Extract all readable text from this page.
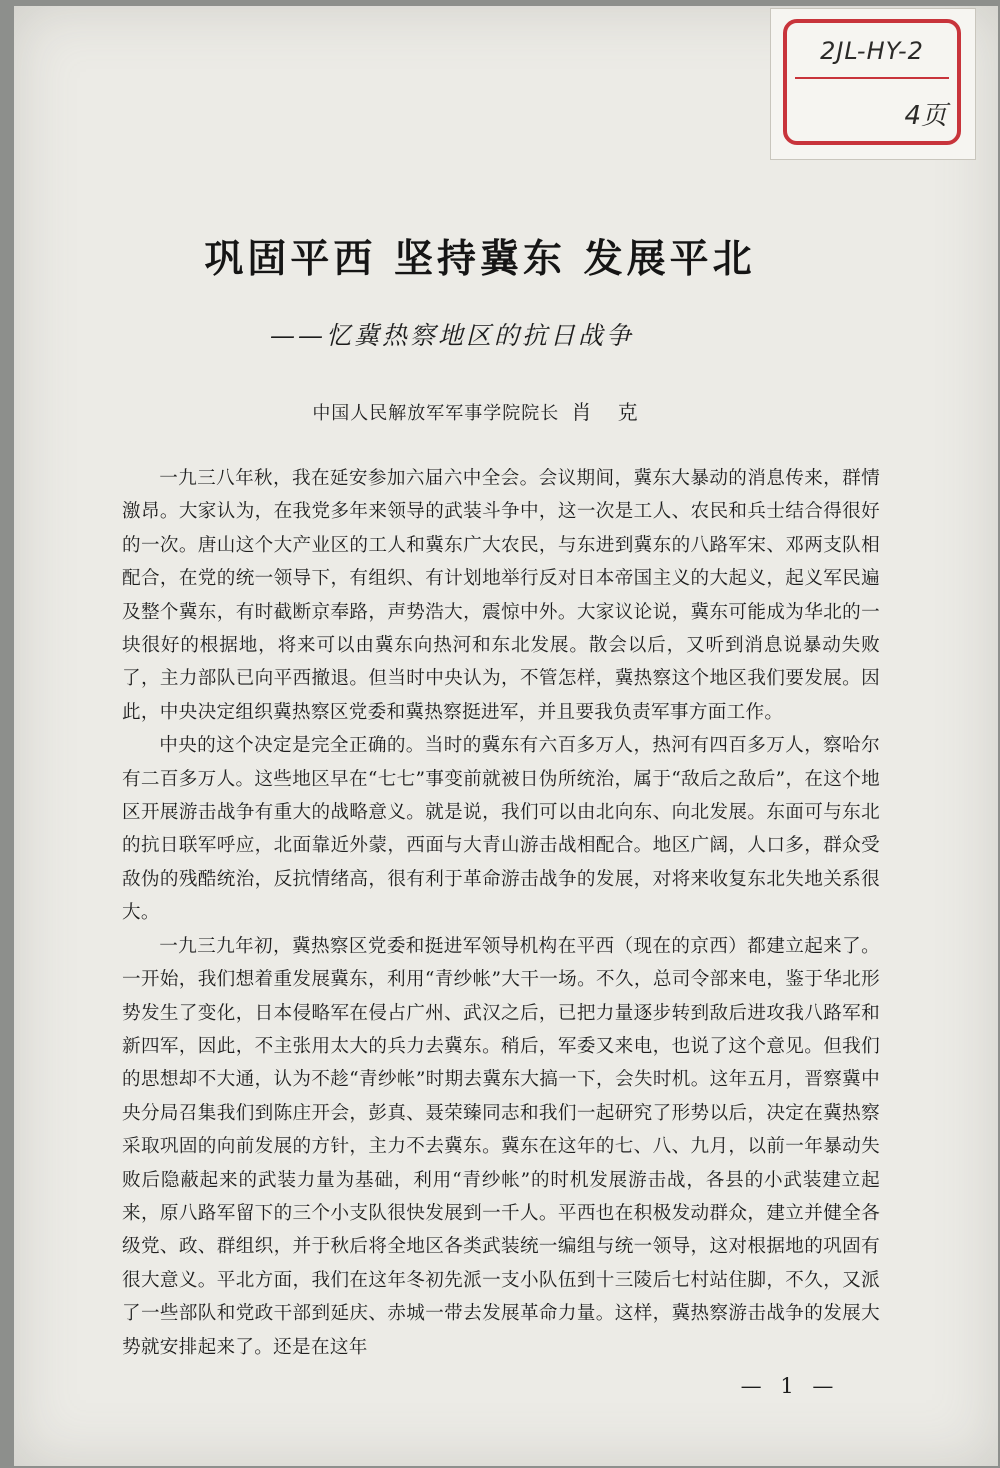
2JL-HY-2
4页
巩固平西 坚持冀东 发展平北
——忆冀热察地区的抗日战争
中国人民解放军军事学院院长 肖 克

一九三八年秋，我在延安参加六届六中全会。会议期间，冀东大暴动的消息传来，群情激昂。大家认为，在我党多年来领导的武装斗争中，这一次是工人、农民和兵士结合得很好的一次。唐山这个大产业区的工人和冀东广大农民，与东进到冀东的八路军宋、邓两支队相配合，在党的统一领导下，有组织、有计划地举行反对日本帝国主义的大起义，起义军民遍及整个冀东，有时截断京奉路，声势浩大，震惊中外。大家议论说，冀东可能成为华北的一块很好的根据地，将来可以由冀东向热河和东北发展。散会以后，又听到消息说暴动失败了，主力部队已向平西撤退。但当时中央认为，不管怎样，冀热察这个地区我们要发展。因此，中央决定组织冀热察区党委和冀热察挺进军，并且要我负责军事方面工作。

中央的这个决定是完全正确的。当时的冀东有六百多万人，热河有四百多万人，察哈尔有二百多万人。这些地区早在“七七”事变前就被日伪所统治，属于“敌后之敌后”，在这个地区开展游击战争有重大的战略意义。就是说，我们可以由北向东、向北发展。东面可与东北的抗日联军呼应，北面靠近外蒙，西面与大青山游击战相配合。地区广阔，人口多，群众受敌伪的残酷统治，反抗情绪高，很有利于革命游击战争的发展，对将来收复东北失地关系很大。

一九三九年初，冀热察区党委和挺进军领导机构在平西（现在的京西）都建立起来了。一开始，我们想着重发展冀东，利用“青纱帐”大干一场。不久，总司令部来电，鉴于华北形势发生了变化，日本侵略军在侵占广州、武汉之后，已把力量逐步转到敌后进攻我八路军和新四军，因此，不主张用太大的兵力去冀东。稍后，军委又来电，也说了这个意见。但我们的思想却不大通，认为不趁“青纱帐”时期去冀东大搞一下，会失时机。这年五月，晋察冀中央分局召集我们到陈庄开会，彭真、聂荣臻同志和我们一起研究了形势以后，决定在冀热察采取巩固的向前发展的方针，主力不去冀东。冀东在这年的七、八、九月，以前一年暴动失败后隐蔽起来的武装力量为基础，利用“青纱帐”的时机发展游击战，各县的小武装建立起来，原八路军留下的三个小支队很快发展到一千人。平西也在积极发动群众，建立并健全各级党、政、群组织，并于秋后将全地区各类武装统一编组与统一领导，这对根据地的巩固有很大意义。平北方面，我们在这年冬初先派一支小队伍到十三陵后七村站住脚，不久，又派了一些部队和党政干部到延庆、赤城一带去发展革命力量。这样，冀热察游击战争的发展大势就安排起来了。还是在这年

— 1 —
